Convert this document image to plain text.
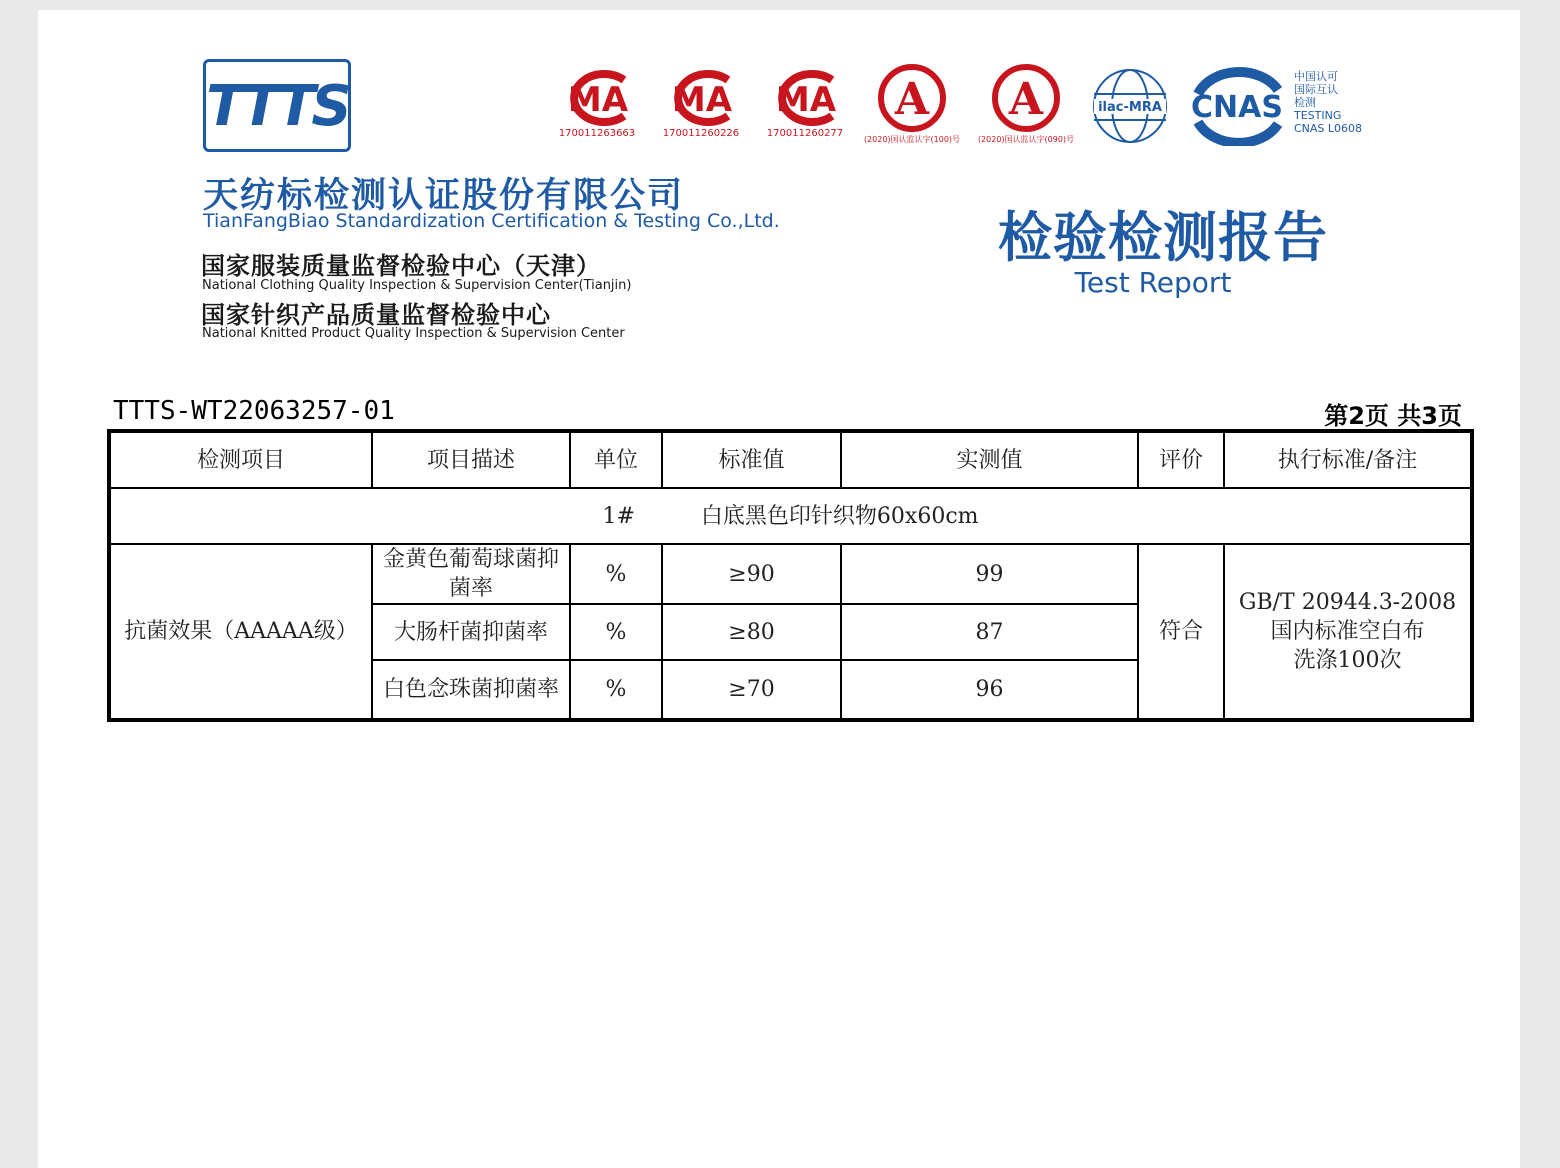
TTTS
天纺标检测认证股份有限公司
TianFangBiao Standardization Certification & Testing Co.,Ltd.
国家服装质量监督检验中心（天津）
National Clothing Quality Inspection & Supervision Center(Tianjin)
国家针织产品质量监督检验中心
National Knitted Product Quality Inspection & Supervision Center
MA
170011263663
MA
170011260226
MA
170011260277
A
(2020)国认监认字(100)号
A
(2020)国认监认字(090)号
ilac-MRA CNAS
中国认可
国际互认
检测
TESTING
CNAS L0608
检验检测报告
Test Report
TTTS-WT22063257-01	第2页 共3页
检测项目	项目描述	单位	标准值	实测值	评价	执行标准/备注
1# 白底黑色印针织物60x60cm						
抗菌效果（AAAAA级）	金黄色葡萄球菌抑菌率	%	≥90	99	符合	GB/T 20944.3-2008
国内标准空白布
洗涤100次

	大肠杆菌抑菌率	%	≥80	87		
	白色念珠菌抑菌率	%	≥70	96		
